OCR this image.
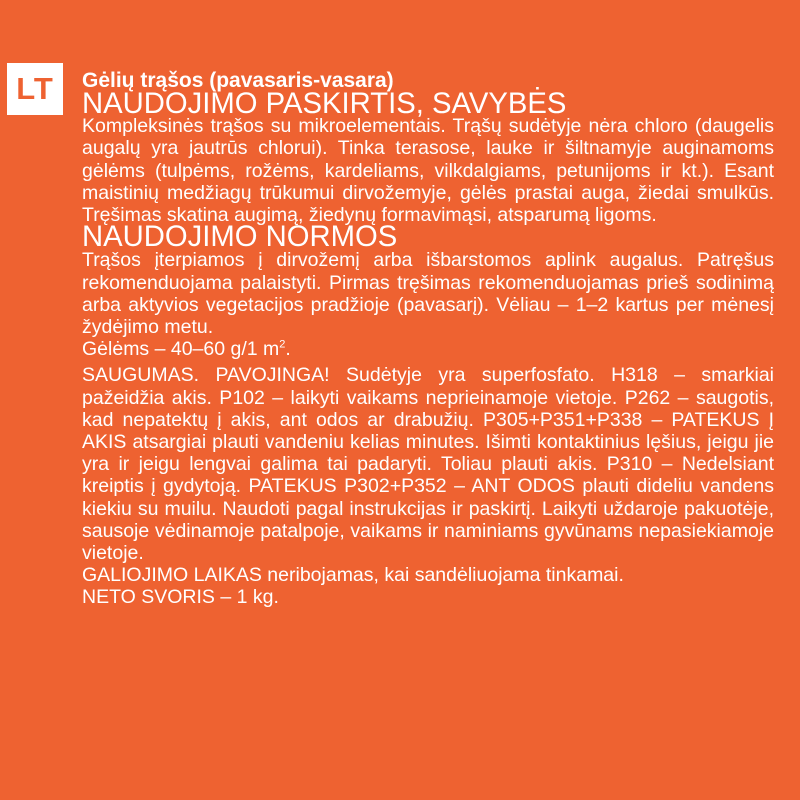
LT	Gėlių trąšos (pavasaris-vasara)
NAUDOJIMO PASKIRTIS, SAVYBĖS

Kompleksinės trąšos su mikroelementais. Trąšų sudėtyje nėra chloro (daugelis augalų yra jautrūs chlorui). Tinka terasose, lauke ir šiltnamyje auginamoms gėlėms (tulpėms, rožėms, kardeliams, vilkdalgiams, petunijoms ir kt.). Esant maistinių medžiagų trūkumui dirvožemyje, gėlės prastai auga, žiedai smulkūs. Tręšimas skatina augimą, žiedynų formavimąsi, atsparumą ligoms.

NAUDOJIMO NORMOS

Trąšos įterpiamos į dirvožemį arba išbarstomos aplink augalus. Patręšus rekomenduojama palaistyti. Pirmas tręšimas rekomenduojamas prieš sodinimą arba aktyvios vegetacijos pradžioje (pavasarį). Vėliau – 1–2 kartus per mėnesį žydėjimo metu.

Gėlėms – 40–60 g/1 $m^2$.

SAUGUMAS. PAVOJINGA! Sudėtyje yra superfosfato. H318 – smarkiai pažeidžia akis. P102 – laikyti vaikams neprieinamoje vietoje. P262 – saugotis, kad nepatektų į akis, ant odos ar drabužių. P305+P351+P338 – PATEKUS Į AKIS atsargiai plauti vandeniu kelias minutes. Išimti kontaktinius lęšius, jeigu jie yra ir jeigu lengvai galima tai padaryti. Toliau plauti akis. P310 – Nedelsiant kreiptis į gydytoją. PATEKUS P302+P352 – ANT ODOS plauti dideliu vandens kiekiu su muilu. Naudoti pagal instrukcijas ir paskirtį. Laikyti uždaroje pakuotėje, sausoje vėdinamoje patalpoje, vaikams ir naminiams gyvūnams nepasiekiamoje vietoje.

GALIOJIMO LAIKAS neribojamas, kai sandėliuojama tinkamai.

NETO SVORIS – 1 kg.
